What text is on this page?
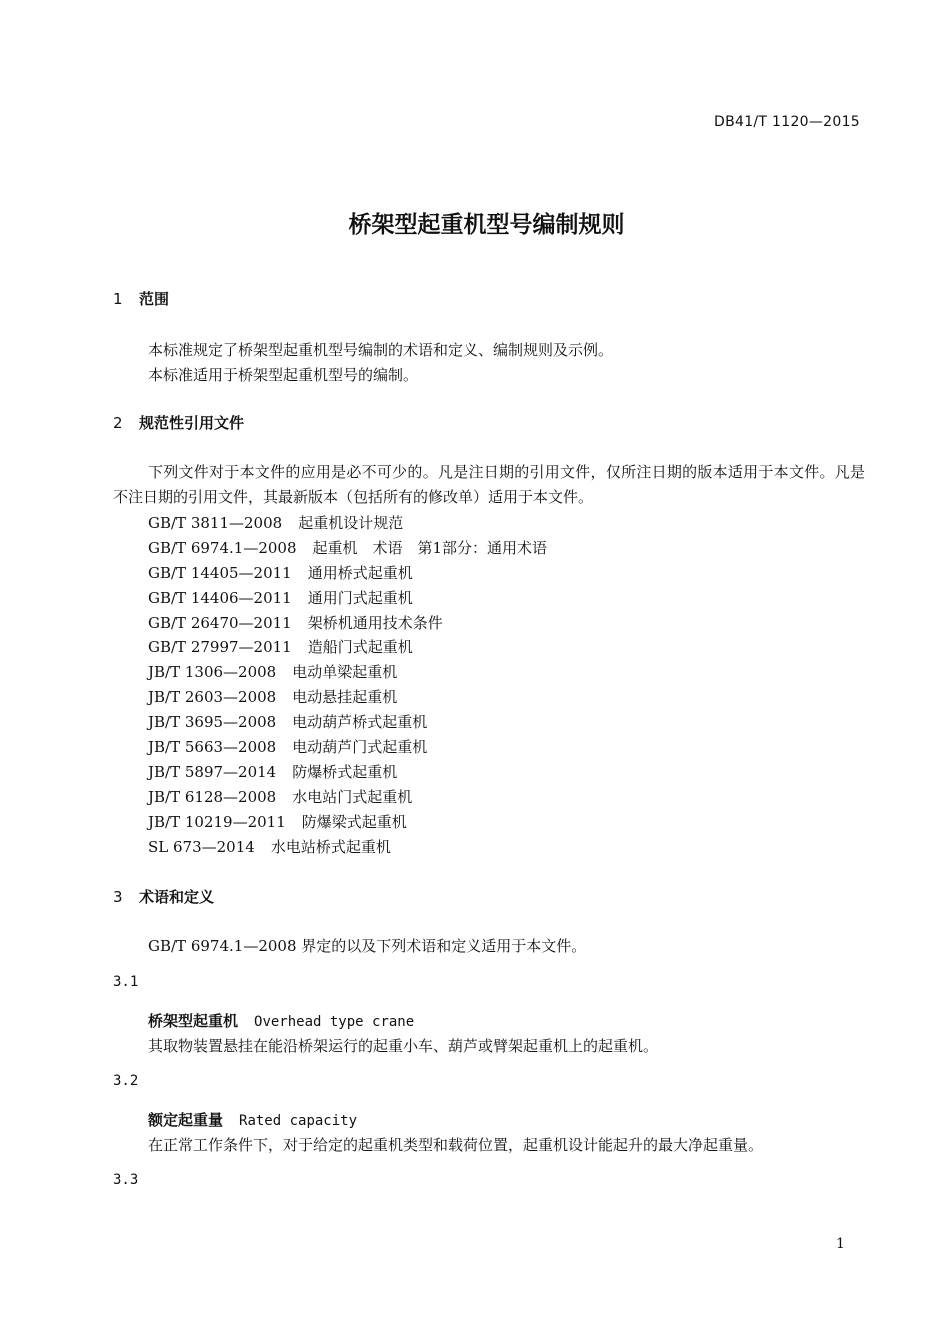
DB41/T 1120—2015
桥架型起重机型号编制规则
1 范围
本标准规定了桥架型起重机型号编制的术语和定义、编制规则及示例。
本标准适用于桥架型起重机型号的编制。
2 规范性引用文件
下列文件对于本文件的应用是必不可少的。凡是注日期的引用文件，仅所注日期的版本适用于本文件。凡是不注日期的引用文件，其最新版本（包括所有的修改单）适用于本文件。
GB/T 3811—2008 起重机设计规范
GB/T 6974.1—2008 起重机　术语　第1部分：通用术语
GB/T 14405—2011 通用桥式起重机
GB/T 14406—2011 通用门式起重机
GB/T 26470—2011 架桥机通用技术条件
GB/T 27997—2011 造船门式起重机
JB/T 1306—2008 电动单梁起重机
JB/T 2603—2008 电动悬挂起重机
JB/T 3695—2008 电动葫芦桥式起重机
JB/T 5663—2008 电动葫芦门式起重机
JB/T 5897—2014 防爆桥式起重机
JB/T 6128—2008 水电站门式起重机
JB/T 10219—2011 防爆梁式起重机
SL 673—2014 水电站桥式起重机
3 术语和定义
GB/T 6974.1—2008 界定的以及下列术语和定义适用于本文件。
3.1
桥架型起重机 Overhead type crane
其取物装置悬挂在能沿桥架运行的起重小车、葫芦或臂架起重机上的起重机。
3.2
额定起重量 Rated capacity
在正常工作条件下，对于给定的起重机类型和载荷位置，起重机设计能起升的最大净起重量。
3.3
1
